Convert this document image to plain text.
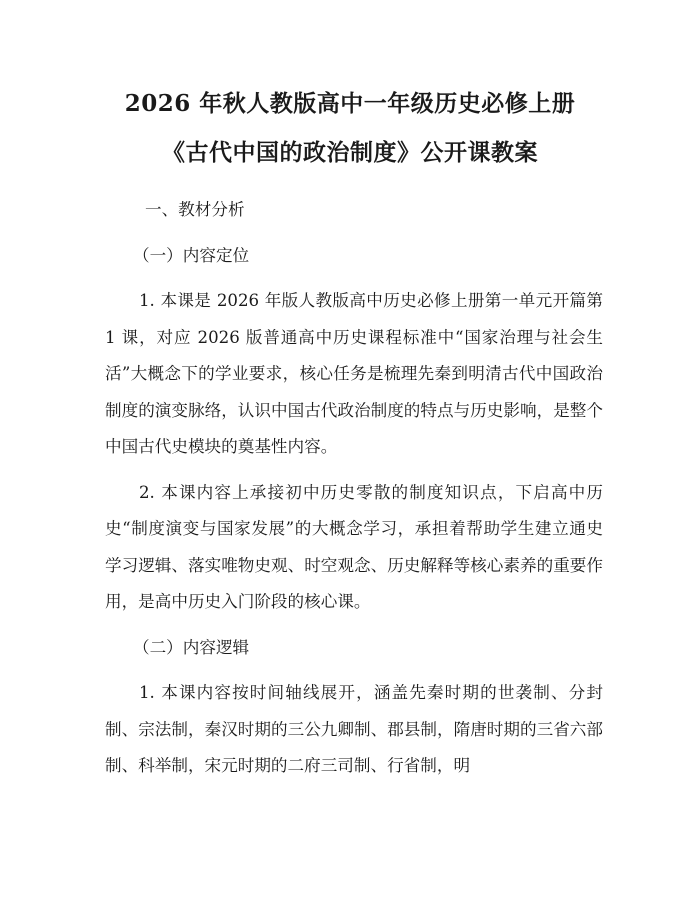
2026 年秋人教版高中一年级历史必修上册
《古代中国的政治制度》公开课教案
一、教材分析
（一）内容定位

1. 本课是 2026 年版人教版高中历史必修上册第一单元开篇第 1 课，对应 2026 版普通高中历史课程标准中“国家治理与社会生活”大概念下的学业要求，核心任务是梳理先秦到明清古代中国政治制度的演变脉络，认识中国古代政治制度的特点与历史影响，是整个中国古代史模块的奠基性内容。

2. 本课内容上承接初中历史零散的制度知识点，下启高中历史“制度演变与国家发展”的大概念学习，承担着帮助学生建立通史学习逻辑、落实唯物史观、时空观念、历史解释等核心素养的重要作用，是高中历史入门阶段的核心课。

（二）内容逻辑

1. 本课内容按时间轴线展开，涵盖先秦时期的世袭制、分封制、宗法制，秦汉时期的三公九卿制、郡县制，隋唐时期的三省六部制、科举制，宋元时期的二府三司制、行省制，明
